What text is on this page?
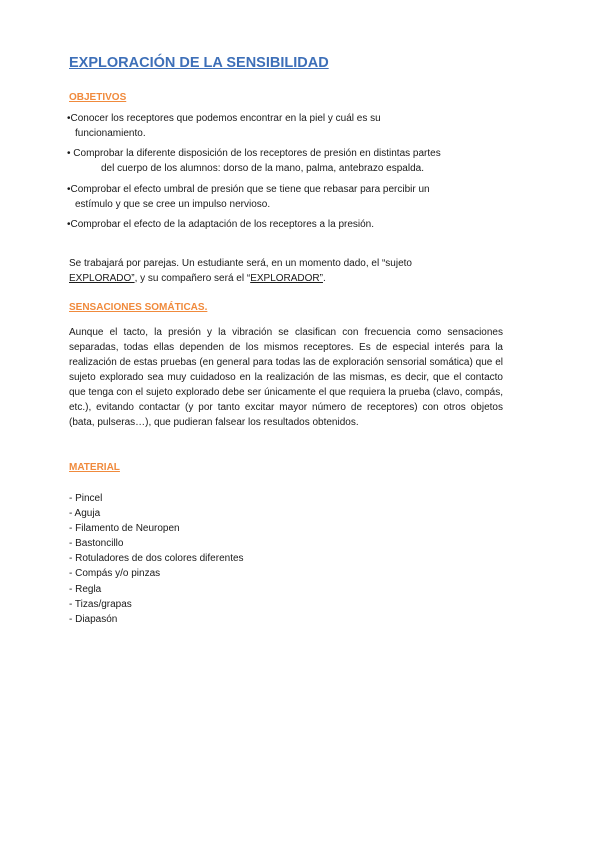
EXPLORACIÓN DE LA SENSIBILIDAD
OBJETIVOS

•Conocer los receptores que podemos encontrar en la piel y cuál es su
funcionamiento.

• Comprobar la diferente disposición de los receptores de presión en distintas partes
del cuerpo de los alumnos: dorso de la mano, palma, antebrazo espalda.

•Comprobar el efecto umbral de presión que se tiene que rebasar para percibir un
estímulo y que se cree un impulso nervioso.

•Comprobar el efecto de la adaptación de los receptores a la presión.

Se trabajará por parejas. Un estudiante será, en un momento dado, el “sujeto
EXPLORADO”, y su compañero será el “EXPLORADOR”.

SENSACIONES SOMÁTICAS.

Aunque el tacto, la presión y la vibración se clasifican con frecuencia como sensaciones separadas, todas ellas dependen de los mismos receptores. Es de especial interés para la realización de estas pruebas (en general para todas las de exploración sensorial somática) que el sujeto explorado sea muy cuidadoso en la realización de las mismas, es decir, que el contacto que tenga con el sujeto explorado debe ser únicamente el que requiera la prueba (clavo, compás, etc.), evitando contactar (y por tanto excitar mayor número de receptores) con otros objetos (bata, pulseras…), que pudieran falsear los resultados obtenidos.

MATERIAL
- Pincel
- Aguja
- Filamento de Neuropen
- Bastoncillo
- Rotuladores de dos colores diferentes
- Compás y/o pinzas
- Regla
- Tizas/grapas
- Diapasón
